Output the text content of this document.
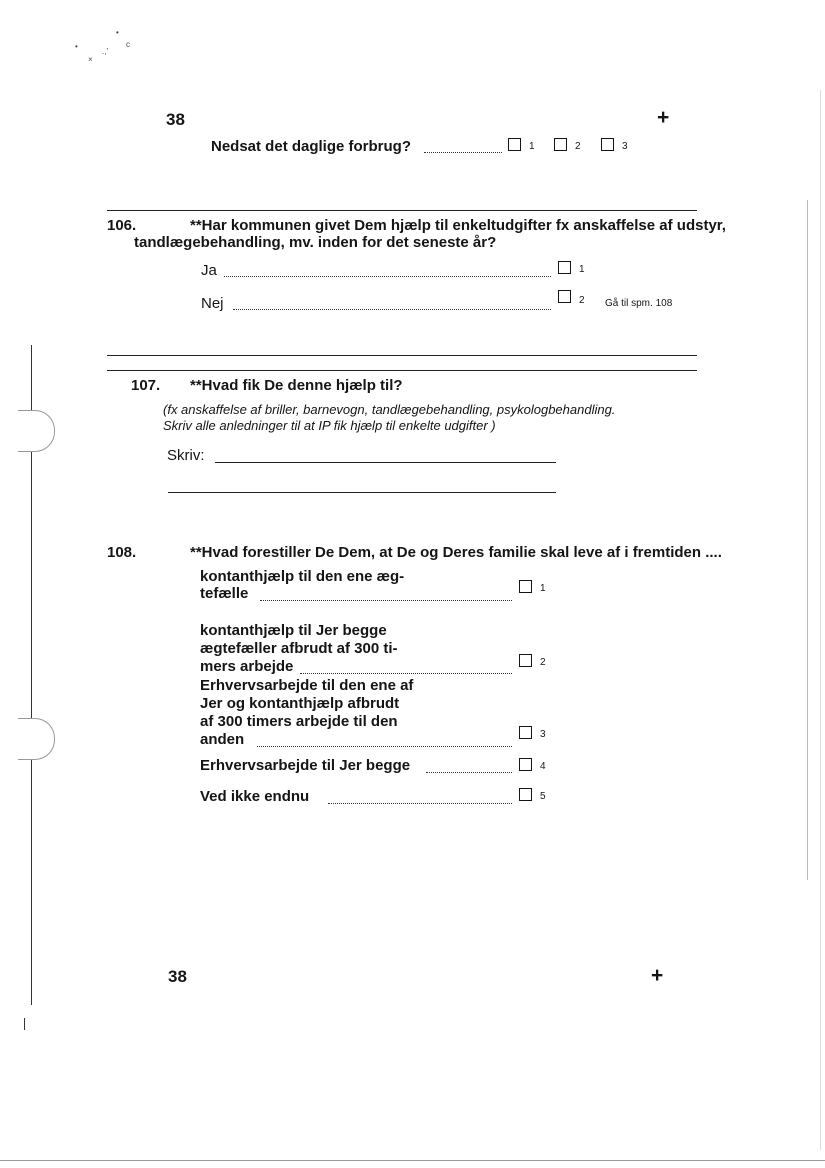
•
.,'
•
c
×
38	+
Nedsat det daglige forbrug?	1	2	3
106.	**Har kommunen givet Dem hjælp til enkeltudgifter fx anskaffelse af udstyr,
tandlægebehandling, mv. inden for det seneste år?
Ja	1
Nej	2 Gå til spm. 108
107. **Hvad fik De denne hjælp til?
(fx anskaffelse af briller, barnevogn, tandlægebehandling, psykologbehandling.
Skriv alle anledninger til at IP fik hjælp til enkelte udgifter )
Skriv:
108.	**Hvad forestiller De Dem, at De og Deres familie skal leve af i fremtiden ....
kontanthjælp til den ene æg-
tefælle	1
kontanthjælp til Jer begge
ægtefæller afbrudt af 300 ti-
mers arbejde	2
Erhvervsarbejde til den ene af
Jer og kontanthjælp afbrudt
af 300 timers arbejde til den
anden	3
Erhvervsarbejde til Jer begge	4
Ved ikke endnu	5
38	+
